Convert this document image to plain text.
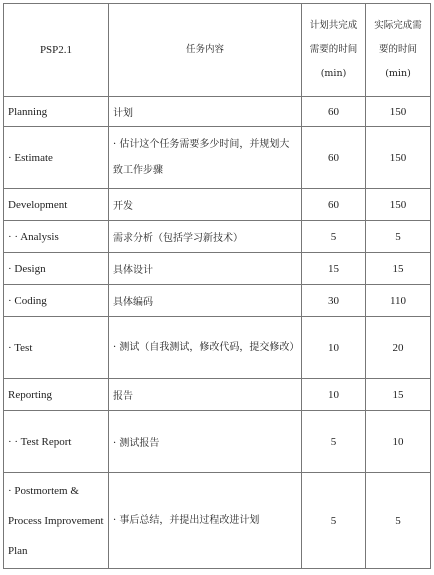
PSP2.1	任务内容	计划共完成需要的时间(min)	实际完成需要的时间(min)
Planning	计划	60	150
· Estimate	· 估计这个任务需要多少时间，并规划大致工作步骤	60	150
Development	开发	60	150
· · Analysis	需求分析（包括学习新技术）	5	5
· Design	具体设计	15	15
· Coding	具体编码	30	110
· Test	· 测试（自我测试，修改代码，提交修改）	10	20
Reporting	报告	10	15
· · Test Report	· 测试报告	5	10
· Postmortem & Process Improvement Plan	· 事后总结，并提出过程改进计划	5	5
